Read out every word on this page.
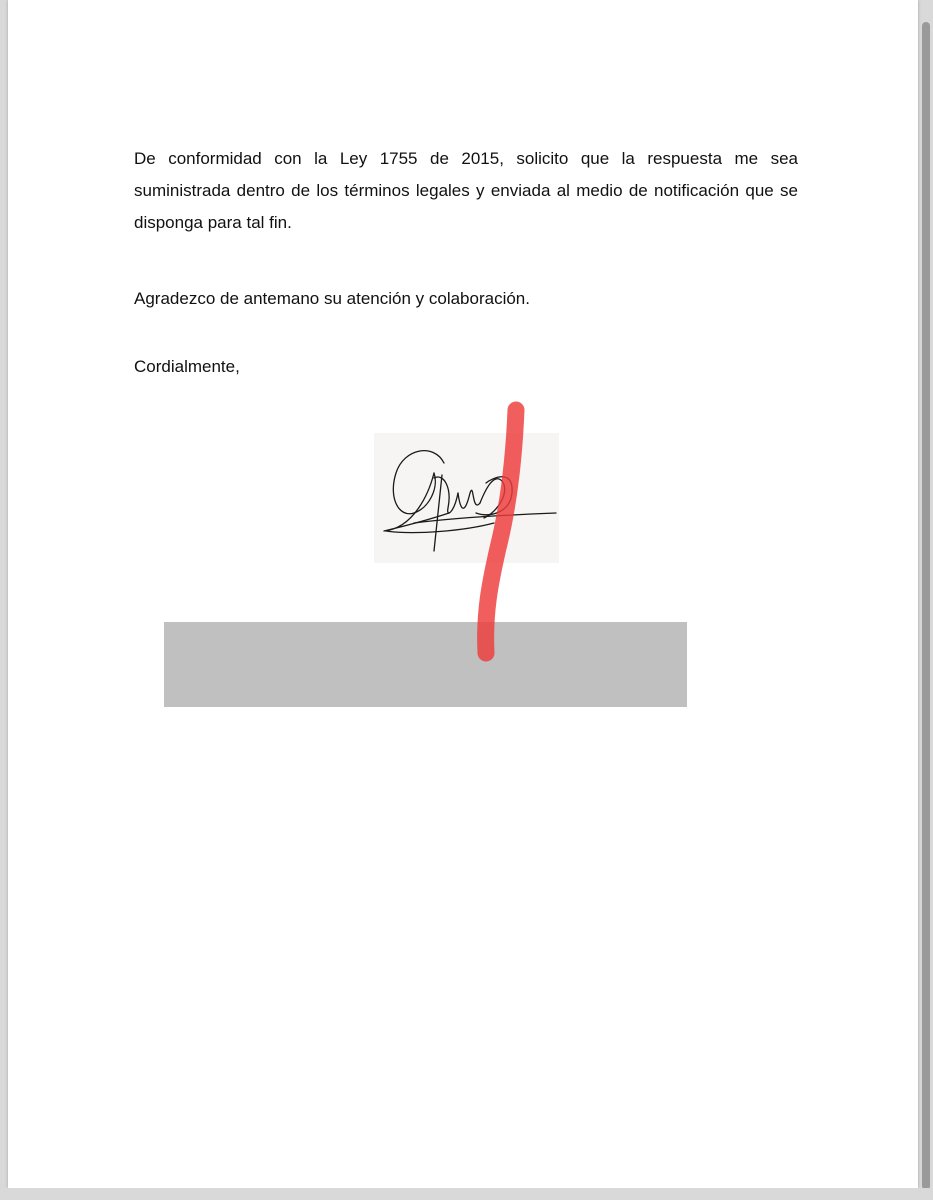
De conformidad con la Ley 1755 de 2015, solicito que la respuesta me sea suministrada dentro de los términos legales y enviada al medio de notificación que se disponga para tal fin.

Agradezco de antemano su atención y colaboración.

Cordialmente,
